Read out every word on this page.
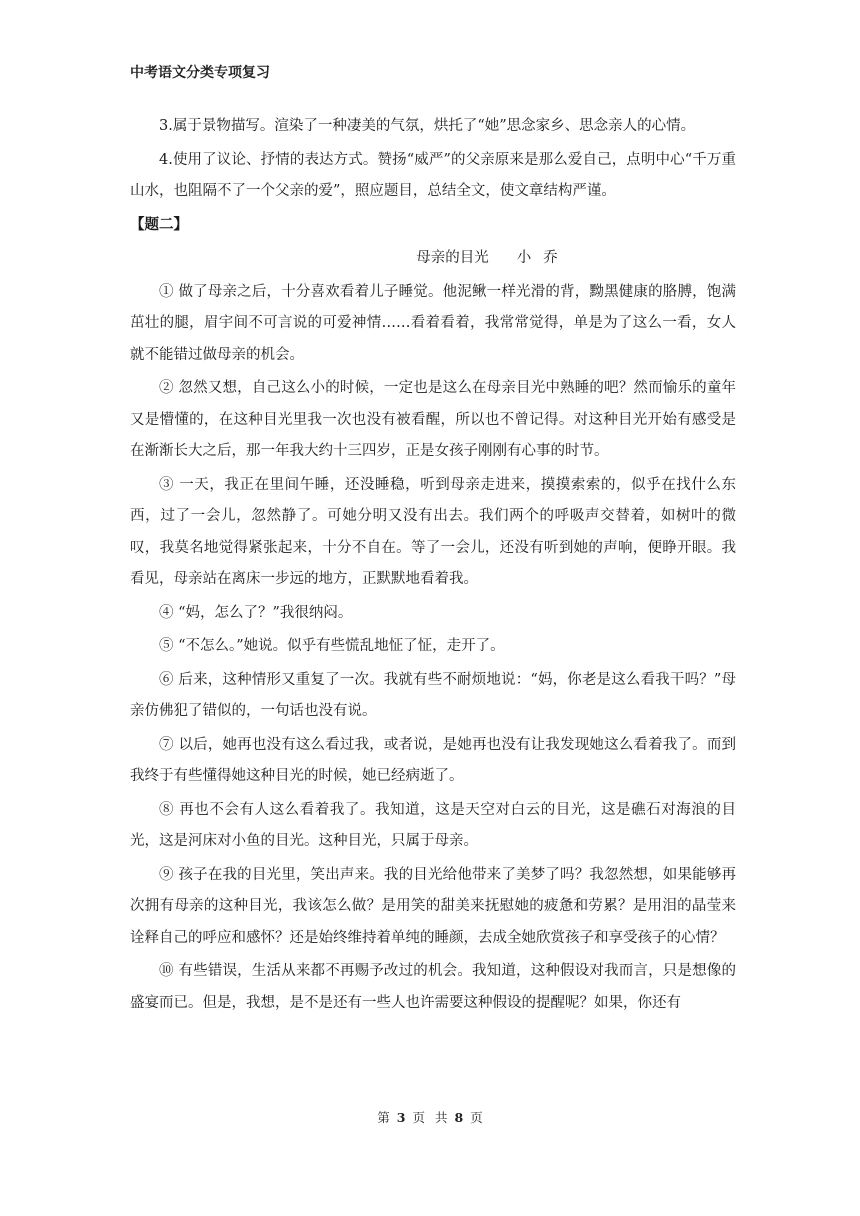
中考语文分类专项复习
3.属于景物描写。渲染了一种凄美的气氛，烘托了“她”思念家乡、思念亲人的心情。
4.使用了议论、抒情的表达方式。赞扬“威严”的父亲原来是那么爱自己，点明中心“千万重山水，也阻隔不了一个父亲的爱”，照应题目，总结全文，使文章结构严谨。
【题二】
母亲的目光 小乔
① 做了母亲之后，十分喜欢看着儿子睡觉。他泥鳅一样光滑的背，黝黑健康的胳膊，饱满茁壮的腿，眉宇间不可言说的可爱神情……看着看着，我常常觉得，单是为了这么一看，女人就不能错过做母亲的机会。
② 忽然又想，自己这么小的时候，一定也是这么在母亲目光中熟睡的吧？然而愉乐的童年又是懵懂的，在这种目光里我一次也没有被看醒，所以也不曾记得。对这种目光开始有感受是在渐渐长大之后，那一年我大约十三四岁，正是女孩子刚刚有心事的时节。
③ 一天，我正在里间午睡，还没睡稳，听到母亲走进来，摸摸索索的，似乎在找什么东西，过了一会儿，忽然静了。可她分明又没有出去。我们两个的呼吸声交替着，如树叶的微叹，我莫名地觉得紧张起来，十分不自在。等了一会儿，还没有听到她的声响，便睁开眼。我看见，母亲站在离床一步远的地方，正默默地看着我。
④ “妈，怎么了？”我很纳闷。
⑤ “不怎么。”她说。似乎有些慌乱地怔了怔，走开了。
⑥ 后来，这种情形又重复了一次。我就有些不耐烦地说：“妈，你老是这么看我干吗？”母亲仿佛犯了错似的，一句话也没有说。
⑦ 以后，她再也没有这么看过我，或者说，是她再也没有让我发现她这么看着我了。而到我终于有些懂得她这种目光的时候，她已经病逝了。
⑧ 再也不会有人这么看着我了。我知道，这是天空对白云的目光，这是礁石对海浪的目光，这是河床对小鱼的目光。这种目光，只属于母亲。
⑨ 孩子在我的目光里，笑出声来。我的目光给他带来了美梦了吗？我忽然想，如果能够再次拥有母亲的这种目光，我该怎么做？是用笑的甜美来抚慰她的疲惫和劳累？是用泪的晶莹来诠释自己的呼应和感怀？还是始终维持着单纯的睡颜，去成全她欣赏孩子和享受孩子的心情？
⑩ 有些错误，生活从来都不再赐予改过的机会。我知道，这种假设对我而言，只是想像的盛宴而已。但是，我想，是不是还有一些人也许需要这种假设的提醒呢？如果，你还有
第 3 页 共 8 页
